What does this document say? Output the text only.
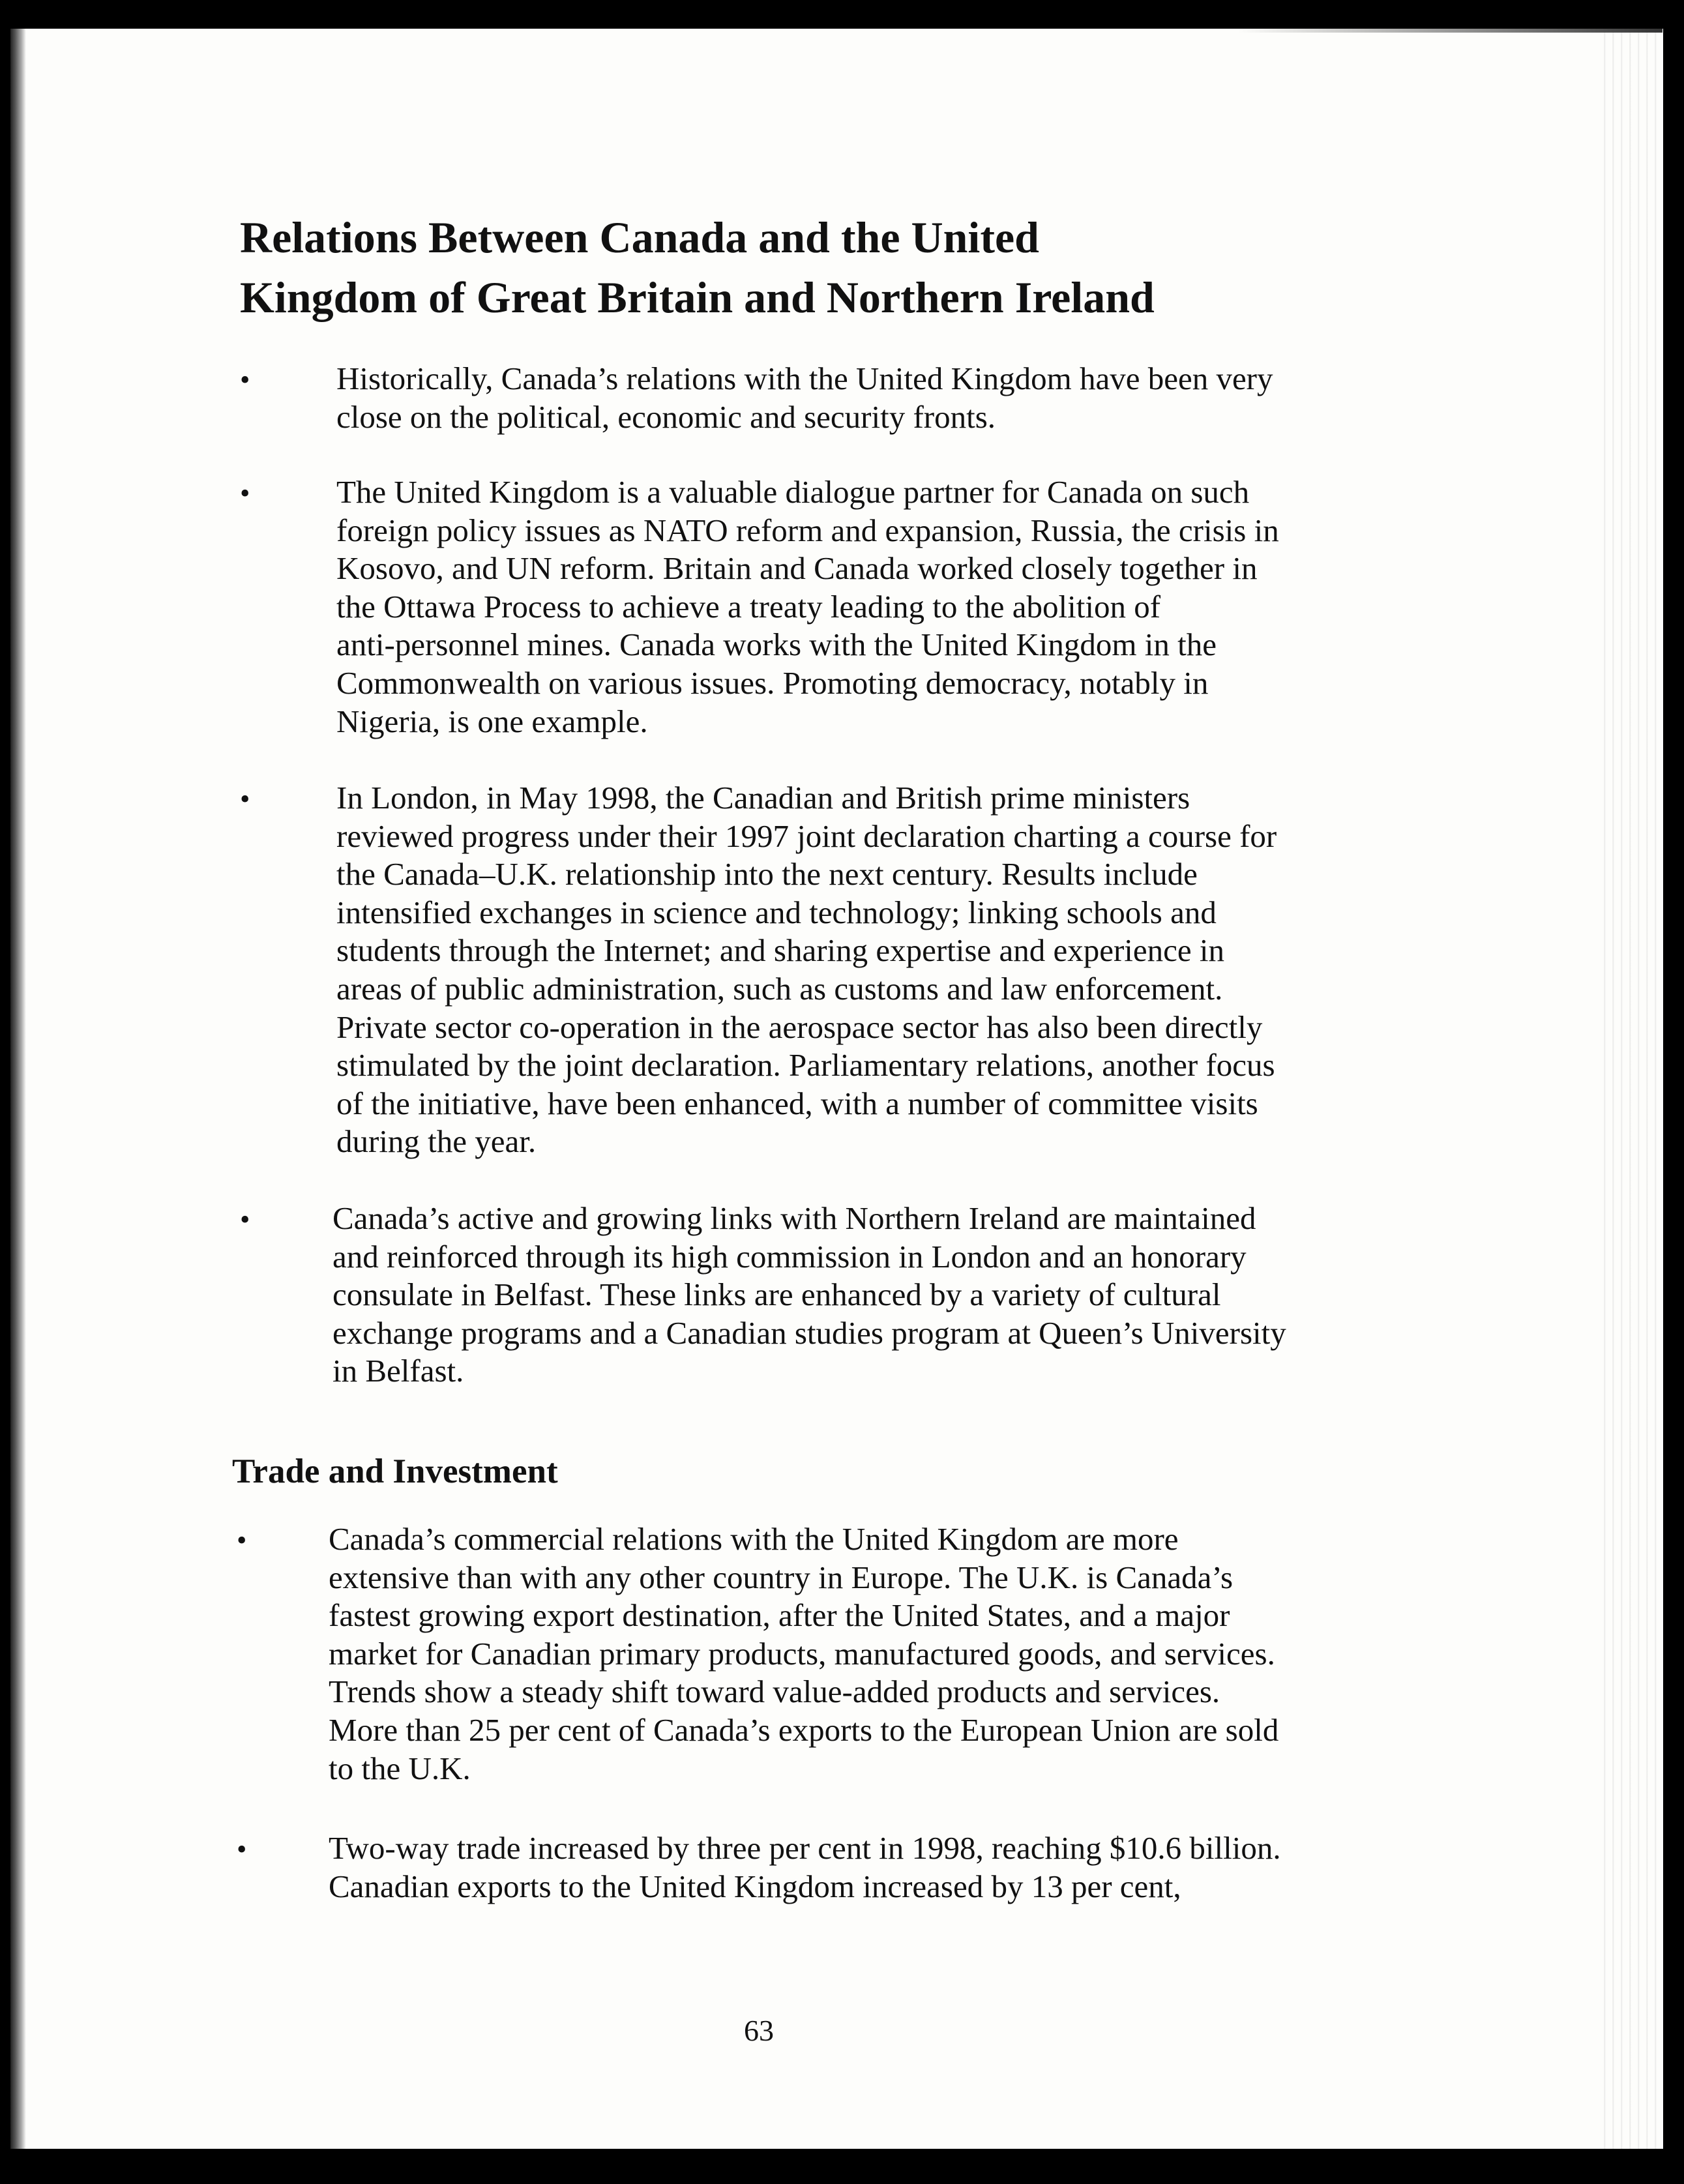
Relations Between Canada and the United
Kingdom of Great Britain and Northern Ireland
•	Historically, Canada’s relations with the United Kingdom have been very
close on the political, economic and security fronts.
•	The United Kingdom is a valuable dialogue partner for Canada on such
foreign policy issues as NATO reform and expansion, Russia, the crisis in
Kosovo, and UN reform. Britain and Canada worked closely together in
the Ottawa Process to achieve a treaty leading to the abolition of
anti-personnel mines. Canada works with the United Kingdom in the
Commonwealth on various issues. Promoting democracy, notably in
Nigeria, is one example.
•	In London, in May 1998, the Canadian and British prime ministers
reviewed progress under their 1997 joint declaration charting a course for
the Canada–U.K. relationship into the next century. Results include
intensified exchanges in science and technology; linking schools and
students through the Internet; and sharing expertise and experience in
areas of public administration, such as customs and law enforcement.
Private sector co-operation in the aerospace sector has also been directly
stimulated by the joint declaration. Parliamentary relations, another focus
of the initiative, have been enhanced, with a number of committee visits
during the year.
•	Canada’s active and growing links with Northern Ireland are maintained
and reinforced through its high commission in London and an honorary
consulate in Belfast. These links are enhanced by a variety of cultural
exchange programs and a Canadian studies program at Queen’s University
in Belfast.
Trade and Investment
•	Canada’s commercial relations with the United Kingdom are more
extensive than with any other country in Europe. The U.K. is Canada’s
fastest growing export destination, after the United States, and a major
market for Canadian primary products, manufactured goods, and services.
Trends show a steady shift toward value-added products and services.
More than 25 per cent of Canada’s exports to the European Union are sold
to the U.K.
•	Two-way trade increased by three per cent in 1998, reaching $10.6 billion.
Canadian exports to the United Kingdom increased by 13 per cent,
63
